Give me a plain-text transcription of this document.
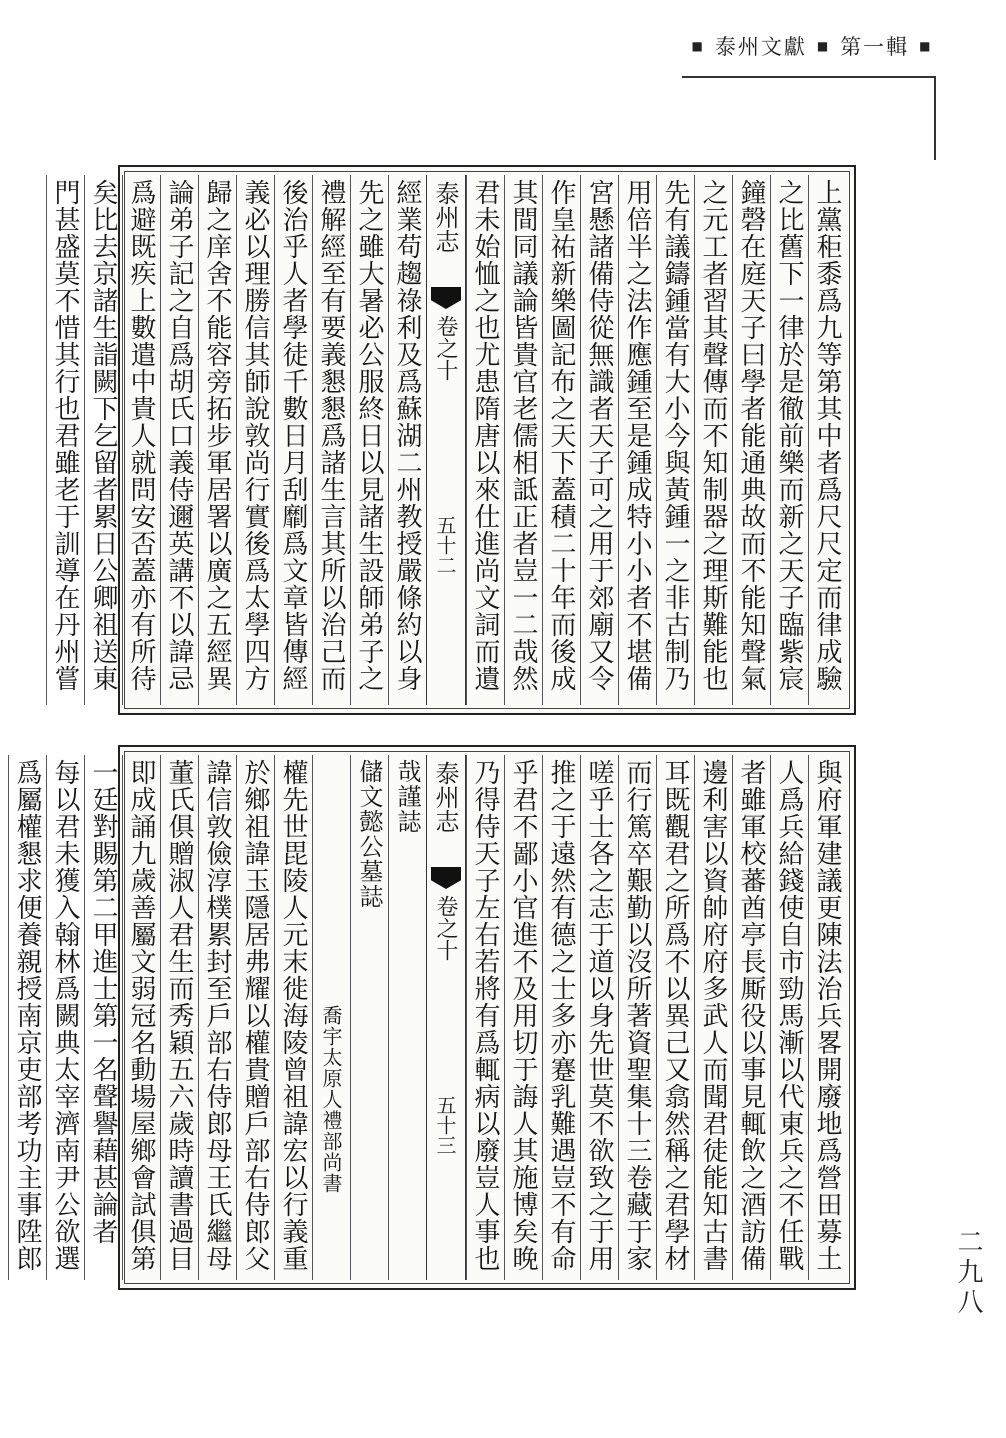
■ 泰州文獻 ■ 第一輯 ■
上黨秬黍爲九等第其中者爲尺尺定而律成驗
之比舊下一律於是徹前樂而新之天子臨紫宸
鐘磬在庭天子曰學者能通典故而不能知聲氣
之元工者習其聲傳而不知制器之理斯難能也
先有議鑄鍾當有大小今與黃鍾一之非古制乃
用倍半之法作應鍾至是鍾成特小小者不堪備
宮懸諸備侍從無識者天子可之用于郊廟又令
作皇祐新樂圖記布之天下蓋積二十年而後成
其間同議論皆貴官老儒相詆正者豈一二哉然
君未始恤之也尤患隋唐以來仕進尚文詞而遺
泰州志
卷之十
五十二
經業苟趨祿利及爲蘇湖二州教授嚴條約以身
先之雖大暑必公服終日以見諸生設師弟子之
禮解經至有要義懇懇爲諸生言其所以治己而
後治乎人者學徒千數日月刮劘爲文章皆傳經
義必以理勝信其師說敦尚行實後爲太學四方
歸之庠舍不能容旁拓步軍居署以廣之五經異
論弟子記之自爲胡氏口義侍邇英講不以諱忌
爲避既疾上數遣中貴人就問安否蓋亦有所待
矣比去京諸生詣闕下乞留者累日公卿祖送東
門甚盛莫不惜其行也君雖老于訓導在丹州嘗
與府軍建議更陳法治兵畧開廢地爲營田募土
人爲兵給錢使自市勁馬漸以代東兵之不任戰
者雖軍校蕃酋亭長厮役以事見輒飲之酒訪備
邊利害以資帥府府多武人而聞君徒能知古書
耳既觀君之所爲不以異己又翕然稱之君學材
而行篤卒艱勤以沒所著資聖集十三卷藏于家
嗟乎士各之志于道以身先世莫不欲致之于用
推之于遠然有德之士多亦蹇乳難遇豈不有命
乎君不鄙小官進不及用切于誨人其施博矣晚
乃得侍天子左右若將有爲輒病以廢豈人事也
泰州志
卷之十
五十三
哉謹誌
儲文懿公墓誌
喬宇太原人禮部尚書
權先世毘陵人元末徙海陵曾祖諱宏以行義重
於鄉祖諱玉隱居弗耀以權貴贈戶部右侍郎父
諱信敦儉淳樸累封至戶部右侍郎母王氏繼母
董氏俱贈淑人君生而秀穎五六歲時讀書過目
即成誦九歲善屬文弱冠名動場屋鄉會試俱第
一廷對賜第二甲進士第一名聲譽藉甚論者
每以君未獲入翰林爲闕典太宰濟南尹公欲選
爲屬權懇求便養親授南京吏部考功主事陞郎
二九八
